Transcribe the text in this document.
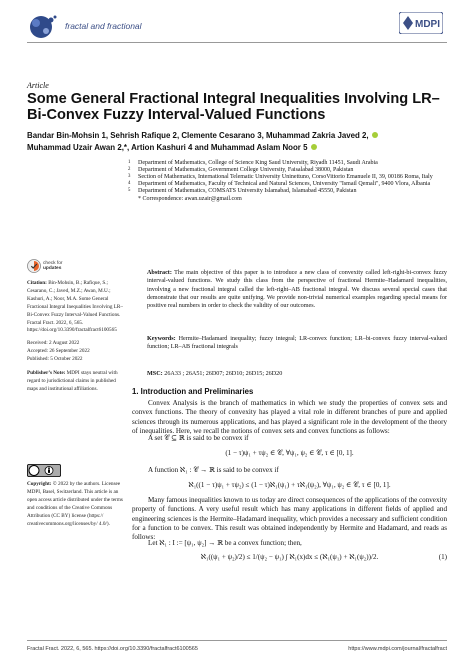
fractal and fractional	MDPI
Article
Some General Fractional Integral Inequalities Involving LR–Bi-Convex Fuzzy Interval-Valued Functions
Bandar Bin-Mohsin 1, Sehrish Rafique 2, Clemente Cesarano 3, Muhammad Zakria Javed 2,
Muhammad Uzair Awan 2,*, Artion Kashuri 4 and Muhammad Aslam Noor 5
1 Department of Mathematics, College of Science King Saud University, Riyadh 11451, Saudi Arabia
2 Department of Mathematics, Government College University, Faisalabad 38000, Pakistan
3 Section of Mathematics, International Telematic University Uninettuno, CorsoVittorio Emanuele II, 39, 00186 Roma, Italy
4 Department of Mathematics, Faculty of Technical and Natural Sciences, University "Ismail Qemali", 9400 Vlora, Albania
5 Department of Mathematics, COMSATS University Islamabad, Islamabad 45550, Pakistan
* Correspondence: awan.uzair@gmail.com
Abstract: The main objective of this paper is to introduce a new class of convexity called left-right-bi-convex fuzzy interval-valued functions. We study this class from the perspective of fractional Hermite–Hadamard inequalities, involving a new fractional integral called the left-right–AB fractional integral. We discuss several special cases that demonstrate that our results are quite unifying. We provide non-trivial numerical examples regarding special means for positive real numbers in order to check the validity of our outcomes.
Keywords: Hermite–Hadamard inequality; fuzzy integral; LR-convex function; LR–bi-convex fuzzy interval-valued function; LR–AB fractional integrals
MSC: 26A33 ; 26A51; 26D07; 26D10; 26D15; 26D20
check for
updates
Citation: Bin-Mohsin, B.; Rafique, S.; Cesarano, C.; Javed, M.Z.; Awan, M.U.; Kashuri, A.; Noor, M.A. Some General Fractional Integral Inequalities Involving LR–Bi-Convex Fuzzy Interval-Valued Functions. Fractal Fract. 2022, 6, 565. https://doi.org/10.3390/fractalfract6100565
Received: 2 August 2022
Accepted: 26 September 2022
Published: 5 October 2022
Publisher’s Note: MDPI stays neutral with regard to jurisdictional claims in published maps and institutional affiliations.
Copyright: © 2022 by the authors. Licensee MDPI, Basel, Switzerland. This article is an open access article distributed under the terms and conditions of the Creative Commons Attribution (CC BY) license (https:// creativecommons.org/licenses/by/ 4.0/).
1. Introduction and Preliminaries
Convex Analysis is the branch of mathematics in which we study the properties of convex sets and convex functions. The theory of convexity has played a vital role in different branches of pure and applied sciences through its numerous applications, and has played a significant role in the development of the theory of inequalities. Here, we recall the notions of convex sets and convex functions as follows:
A set 𝒞 ⊆ ℝ is said to be convex if
(1 − τ)ψ₁ + τψ₂ ∈ 𝒞, ∀ψ₁, ψ₂ ∈ 𝒞, τ ∈ [0, 1].
A function ℵ₁ : 𝒞 → ℝ is said to be convex if
ℵ₁((1 − τ)ψ₁ + τψ₂) ≤ (1 − τ)ℵ₁(ψ₁) + τℵ₁(ψ₂), ∀ψ₁, ψ₂ ∈ 𝒞, τ ∈ [0, 1].
Many famous inequalities known to us today are direct consequences of the applications of the convexity property of functions. A very useful result which has many applications in different fields of applied and engineering sciences is the Hermite–Hadamard inequality, which provides a necessary and sufficient condition for a function to be convex. This result was obtained independently by Hermite and Hadamard, and reads as follows:
Let ℵ₁ : I := [ψ₁, ψ₂] → ℝ be a convex function; then,
ℵ₁((ψ₁ + ψ₂)/2) ≤ 1/(ψ₂ − ψ₁) ∫ ℵ₁(x)dx ≤ (ℵ₁(ψ₁) + ℵ₁(ψ₂))/2.	(1)
Fractal Fract. 2022, 6, 565. https://doi.org/10.3390/fractalfract6100565	https://www.mdpi.com/journal/fractalfract
